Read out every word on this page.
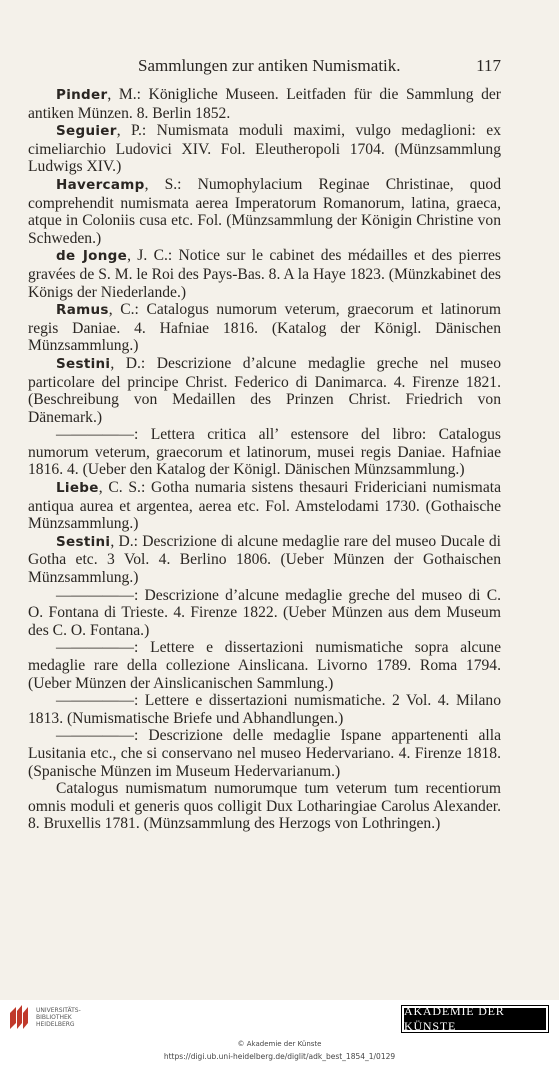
Sammlungen zur antiken Numismatik.	117

Pinder, M.: Königliche Museen. Leitfaden für die Sammlung der antiken Münzen. 8. Berlin 1852.

Seguier, P.: Numismata moduli maximi, vulgo medaglioni: ex cimeliarchio Ludovici XIV. Fol. Eleutheropoli 1704. (Münzsammlung Ludwigs XIV.)

Havercamp, S.: Numophylacium Reginae Christinae, quod comprehendit numismata aerea Imperatorum Romanorum, latina, graeca, atque in Coloniis cusa etc. Fol. (Münzsammlung der Königin Christine von Schweden.)

de Jonge, J. C.: Notice sur le cabinet des médailles et des pierres gravées de S. M. le Roi des Pays-Bas. 8. A la Haye 1823. (Münzkabinet des Königs der Niederlande.)

Ramus, C.: Catalogus numorum veterum, graecorum et latinorum regis Daniae. 4. Hafniae 1816. (Katalog der Königl. Dänischen Münzsammlung.)

Sestini, D.: Descrizione d’alcune medaglie greche nel museo particolare del principe Christ. Federico di Danimarca. 4. Firenze 1821. (Beschreibung von Medaillen des Prinzen Christ. Friedrich von Dänemark.)

—————: Lettera critica all’ estensore del libro: Catalogus numorum veterum, graecorum et latinorum, musei regis Daniae. Hafniae 1816. 4. (Ueber den Katalog der Königl. Dänischen Münzsammlung.)

Liebe, C. S.: Gotha numaria sistens thesauri Fridericiani numismata antiqua aurea et argentea, aerea etc. Fol. Amstelodami 1730. (Gothaische Münzsammlung.)

Sestini, D.: Descrizione di alcune medaglie rare del museo Ducale di Gotha etc. 3 Vol. 4. Berlino 1806. (Ueber Münzen der Gothaischen Münzsammlung.)

—————: Descrizione d’alcune medaglie greche del museo di C. O. Fontana di Trieste. 4. Firenze 1822. (Ueber Münzen aus dem Museum des C. O. Fontana.)

—————: Lettere e dissertazioni numismatiche sopra alcune medaglie rare della collezione Ainslicana. Livorno 1789. Roma 1794. (Ueber Münzen der Ainslicanischen Sammlung.)

—————: Lettere e dissertazioni numismatiche. 2 Vol. 4. Milano 1813. (Numismatische Briefe und Abhandlungen.)

—————: Descrizione delle medaglie Ispane appartenenti alla Lusitania etc., che si conservano nel museo Hedervariano. 4. Firenze 1818. (Spanische Münzen im Museum Hedervarianum.)

Catalogus numismatum numorumque tum veterum tum recentiorum omnis moduli et generis quos colligit Dux Lotharingiae Carolus Alexander. 8. Bruxellis 1781. (Münzsammlung des Herzogs von Lothringen.)

UNIVERSITÄTS-
BIBLIOTHEK
HEIDELBERG
AKADEMIE DER KÜNSTE
© Akademie der Künste
https://digi.ub.uni-heidelberg.de/diglit/adk_best_1854_1/0129
